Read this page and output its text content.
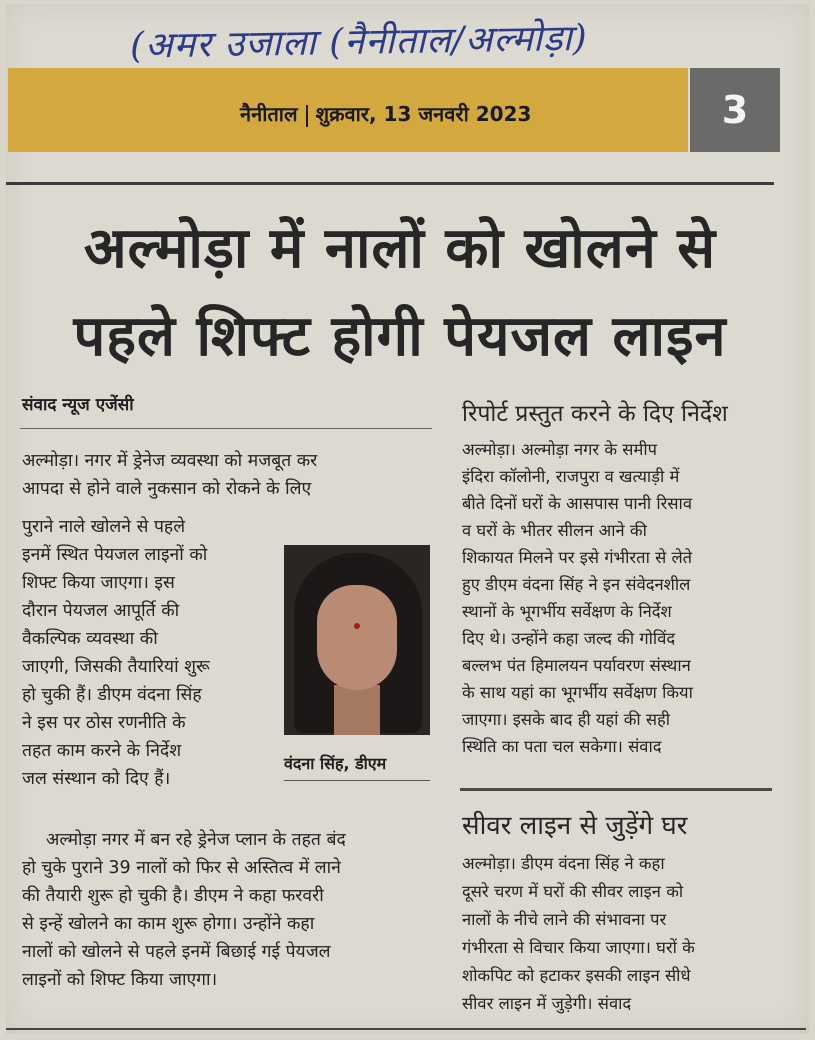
(अमर उजाला (नैनीताल/अल्मोड़ा)
नैनीताल शुक्रवार, 13 जनवरी 2023	3
अल्मोड़ा में नालों को खोलने से
पहले शिफ्ट होगी पेयजल लाइन
संवाद न्यूज एजेंसी

अल्मोड़ा। नगर में ड्रेनेज व्यवस्था को मजबूत कर

आपदा से होने वाले नुकसान को रोकने के लिए

पुराने नाले खोलने से पहले
इनमें स्थित पेयजल लाइनों को
शिफ्ट किया जाएगा। इस
दौरान पेयजल आपूर्ति की
वैकल्पिक व्यवस्था की
जाएगी, जिसकी तैयारियां शुरू
हो चुकी हैं। डीएम वंदना सिंह
ने इस पर ठोस रणनीति के
तहत काम करने के निर्देश
जल संस्थान को दिए हैं।
वंदना सिंह, डीएम
अल्मोड़ा नगर में बन रहे ड्रेनेज प्लान के तहत बंद
हो चुके पुराने 39 नालों को फिर से अस्तित्व में लाने
की तैयारी शुरू हो चुकी है। डीएम ने कहा फरवरी
से इन्हें खोलने का काम शुरू होगा। उन्होंने कहा
नालों को खोलने से पहले इनमें बिछाई गई पेयजल
लाइनों को शिफ्ट किया जाएगा।
रिपोर्ट प्रस्तुत करने के दिए निर्देश
अल्मोड़ा। अल्मोड़ा नगर के समीप
इंदिरा कॉलोनी, राजपुरा व खत्याड़ी में
बीते दिनों घरों के आसपास पानी रिसाव
व घरों के भीतर सीलन आने की
शिकायत मिलने पर इसे गंभीरता से लेते
हुए डीएम वंदना सिंह ने इन संवेदनशील
स्थानों के भूगर्भीय सर्वेक्षण के निर्देश
दिए थे। उन्होंने कहा जल्द की गोविंद
बल्लभ पंत हिमालयन पर्यावरण संस्थान
के साथ यहां का भूगर्भीय सर्वेक्षण किया
जाएगा। इसके बाद ही यहां की सही
स्थिति का पता चल सकेगा। संवाद
सीवर लाइन से जुड़ेंगे घर
अल्मोड़ा। डीएम वंदना सिंह ने कहा
दूसरे चरण में घरों की सीवर लाइन को
नालों के नीचे लाने की संभावना पर
गंभीरता से विचार किया जाएगा। घरों के
शोकपिट को हटाकर इसकी लाइन सीधे
सीवर लाइन में जुड़ेगी। संवाद
